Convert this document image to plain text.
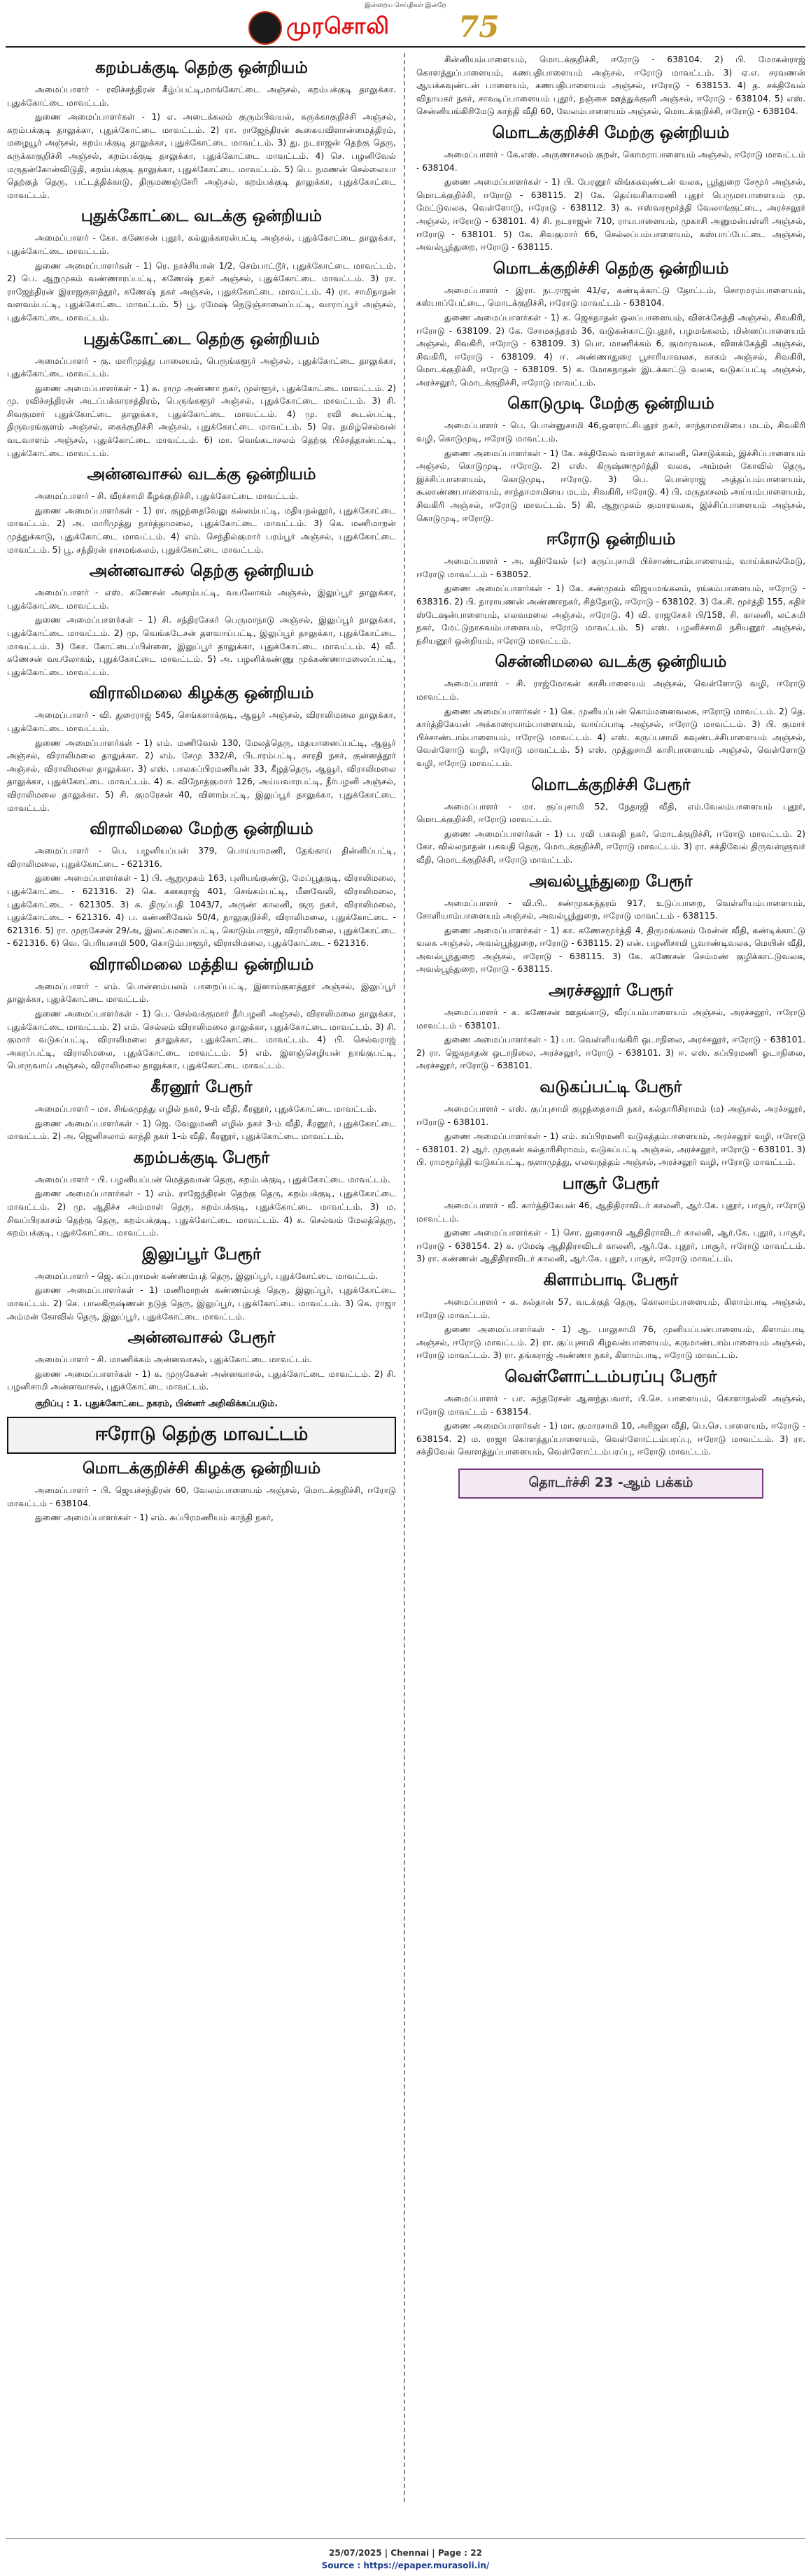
இன்றைய செய்திகள் இன்றே
முரசொலி 75
கறம்பக்குடி தெற்கு ஒன்றியம்

அமைப்பாளர் - ரவிச்சந்திரன் கீழ்ப்பட்டி,மாங்கோட்டை அஞ்சல், கறம்பக்குடி தாலுக்கா. புதுக்கோட்டை மாவட்டம்.

துணை அமைப்பாளர்கள் - 1) எ. அடைக்கலம் குரும்பிவயல், கருக்காகுறிச்சி அஞ்சல், கறம்பக்குடி தாலுக்கா, புதுக்கோட்டை மாவட்டம். 2) ரா. ராஜேந்திரன் கூகையவிளான்மைத்திரம், மழையூர் அஞ்சல், கறம்பக்குடி தாலுக்கா, புதுக்கோட்டை மாவட்டம். 3) து. நடராஜன் தெற்கு தெரு, கருக்காகுறிச்சி அஞ்சல், கறம்பக்குடி தாலுக்கா, புதுக்கோட்டை மாவட்டம். 4) செ. பழனிவேல் மருதன்கோன்விடுதி, கறம்பக்குடி தாலுக்கா, புதுக்கோட்டை மாவட்டம். 5) பெ. நமணன் செல்லையா தெற்குத் தெரு, பட்டத்திக்காடு, திருமணஞ்சேரி அஞ்சல், கறம்பக்குடி தாலுக்கா, புதுக்கோட்டை மாவட்டம்.

புதுக்கோட்டை வடக்கு ஒன்றியம்

அமைப்பாளர் - கோ. கணேசன் புதூர், கல்லுக்காரன்பட்டி அஞ்சல், புதுக்கோட்டை தாலுக்கா, புதுக்கோட்டை மாவட்டம்.

துணை அமைப்பாளர்கள் - 1) ரெ. நாச்சியான் 1/2, செம்பாட்டூர், புதுக்கோட்டை மாவட்டம். 2) பெ. ஆறுமுகம் வண்ணாரப்பட்டி, கணேஷ் நகர் அஞ்சல், புதுக்கோட்டை மாவட்டம். 3) ரா. ராஜேந்திரன் இராஜகுளத்தூர், கணேஷ் நகர் அஞ்சல், புதுக்கோட்டை மாவட்டம். 4) ரா. சாமிநாதன் வளவம்பட்டி, புதுக்கோட்டை மாவட்டம். 5) பூ. ரமேஷ் நெடுஞ்சாலைப்பட்டி, வாராப்பூர் அஞ்சல், புதுக்கோட்டை மாவட்டம்.

புதுக்கோட்டை தெற்கு ஒன்றியம்

அமைப்பாளர் - கு. மாரிமுத்து பாலையம், பெருங்களூர் அஞ்சல், புதுக்கோட்டை தாலுக்கா, புதுக்கோட்டை மாவட்டம்.

துணை அமைப்பாளர்கள் - 1) சு. ராமு அண்ணா நகர், முள்ளூர், புதுக்கோட்டை மாவட்டம். 2) மு. ரவிச்சந்திரன் அடப்பக்காரசத்திரம், பெருங்களூர் அஞ்சல், புதுக்கோட்டை மாவட்டம். 3) சி. சிவகுமார் புதுக்கோட்டை தாலுக்கா, புதுக்கோட்டை மாவட்டம். 4) மு. ரவி கூடல்பட்டி, திருவரங்குளம் அஞ்சல், கைக்குறிச்சி அஞ்சல், புதுக்கோட்டை மாவட்டம். 5) ரெ. தமிழ்செல்வன் வடவாளம் அஞ்சல், புதுக்கோட்டை மாவட்டம். 6) மா. வெங்கடாசலம் தெற்கு பிச்சத்தான்பட்டி, புதுக்கோட்டை மாவட்டம்.

அன்னவாசல் வடக்கு ஒன்றியம்

அமைப்பாளர் - சி. வீரச்சாமி கீழக்குறிச்சி, புதுக்கோட்டை மாவட்டம்.

துணை அமைப்பாளர்கள் - 1) ரா. குழந்தைவேலு கல்லம்பட்டி, மதியநல்லூர், புதுக்கோட்டை மாவட்டம். 2) அ. மாரிமுத்து நார்த்தாமலை, புதுக்கோட்டை மாவட்டம். 3) கெ. மணிமாறன் முத்துக்காடு, புதுக்கோட்டை மாவட்டம். 4) எம். செந்தில்குமார் பரம்பூர் அஞ்சல், புதுக்கோட்டை மாவட்டம். 5) பூ. சந்திரன் ராசமங்கலம், புதுக்கோட்டை மாவட்டம்.

அன்னவாசல் தெற்கு ஒன்றியம்

அமைப்பாளர் - எஸ். கணேசன் அசரம்பட்டி, வயலோகம் அஞ்சல், இலுப்பூர் தாலுக்கா, புதுக்கோட்டை மாவட்டம்.

துணை அமைப்பாளர்கள் - 1) சி. சந்திரசேகர் பெருமாநாடு அஞ்சல், இலுப்பூர் தாலுக்கா, புதுக்கோட்டை மாவட்டம். 2) மு. வெங்கடேசன் தளவாய்பட்டி, இலுப்பூர் தாலுக்கா, புதுக்கோட்டை மாவட்டம். 3) கோ. கோட்டைப்பிள்ளை, இலுப்பூர் தாலுக்கா, புதுக்கோட்டை மாவட்டம். 4) வீ. கணேசன் வயலோகம், புதுக்கோட்டை மாவட்டம். 5) அ. பழனிக்கண்ணு முக்கண்ணாமலைப்பட்டி, புதுக்கோட்டை மாவட்டம்.

விராலிமலை கிழக்கு ஒன்றியம்

அமைப்பாளர் - வி. துரைராஜ் 545, செங்களாக்குடி, ஆவூர் அஞ்சல், விராலிமலை தாலுக்கா, புதுக்கோட்டை மாவட்டம்.

துணை அமைப்பாளர்கள் - 1) எம். மணிவேல் 130, மேலத்தெரு, மதயானைப்பட்டி, ஆவூர் அஞ்சல், விராலிமலை தாலுக்கா. 2) எம். சேமு 332/சி, பிடாரம்பட்டி, சாரதி நகர், குன்னத்தூர் அஞ்சல், விராலிமலை தாலுக்கா. 3) எஸ். பாலசுப்பிரமணியன் 33, கீழத்தெரு, ஆவூர், விராலிமலை தாலுக்கா, புதுக்கோட்டை மாவட்டம். 4) சு. விநோத்குமார் 126, அய்யவாரபட்டி, நீர்பழனி அஞ்சல், விராலிமலை தாலுக்கா. 5) சி. குமரேசன் 40, விளாம்பட்டி, இலுப்பூர் தாலுக்கா, புதுக்கோட்டை மாவட்டம்.

விராலிமலை மேற்கு ஒன்றியம்

அமைப்பாளர் - பெ. பழனியப்பன் 379, பொய்யாமணி, தேங்காய் தின்னிப்பட்டி, விராலிமலை, புதுக்கோட்டை - 621316.

துணை அமைப்பாளர்கள் - 1) பி. ஆறுமுகம் 163, புளியங்குண்டு, மேப்பூதகுடி, விராலிமலை, புதுக்கோட்டை - 621316. 2) கெ. கனகராஜ் 401, செங்கம்பட்டி, மீனவேலி, விராலிமலை, புதுக்கோட்டை - 621305. 3) சு. திருப்பதி 1043/7, அருண் காலனி, குரு நகர், விராலிமலை, புதுக்கோட்டை - 621316. 4) ப. கண்ணிவேல் 50/4, நாலுகுறிச்சி, விராலிமலை, புதுக்கோட்டை - 621316. 5) ரா. முருகேசன் 29/அ, இலட்சுமணப்பட்டி, கொடும்பாளூர், விராலிமலை, புதுக்கோட்டை - 621316. 6) வெ. பெரியசாமி 500, கொடும்பாளூர், விராலிமலை, புதுக்கோட்டை - 621316.

விராலிமலை மத்திய ஒன்றியம்

அமைப்பாளர் - எம். பொன்னம்பலம் பாறைப்பட்டி, இனாம்குளத்தூர் அஞ்சல், இலுப்பூர் தாலுக்கா, புதுக்கோட்டை மாவட்டம்.

துணை அமைப்பாளர்கள் - 1) பெ. செல்வக்குமார் நீர்பழனி அஞ்சல், விராலிமலை தாலுக்கா, புதுக்கோட்டை மாவட்டம். 2) எம். செல்லம் விராலிமலை தாலுக்கா, புதுக்கோட்டை மாவட்டம். 3) சி. குமார் வடுகப்பட்டி, விராலிமலை தாலுக்கா, புதுக்கோட்டை மாவட்டம். 4) பி. செல்வராஜ் அகரப்பட்டி, விராலிமலை, புதுக்கோட்டை மாவட்டம். 5) எம். இளஞ்செழியன் நாங்குபட்டி, பொருவாய் அஞ்சல், விராலிமலை தாலுக்கா, புதுக்கோட்டை மாவட்டம்.

கீரனூர் பேரூர்

அமைப்பாளர் - மா. சிங்கமுத்து எழில் நகர், 9-ம் வீதி, கீரனூர், புதுக்கோட்டை மாவட்டம்.

துணை அமைப்பாளர்கள் - 1) ஜெ. வேலுமணி எழில் நகர் 3-ம் வீதி, கீரனூர், புதுக்கோட்டை மாவட்டம். 2) அ. ஜெனிசலாம் காந்தி நகர் 1-ம் வீதி, கீரனூர், புதுக்கோட்டை மாவட்டம்.

கறம்பக்குடி பேரூர்

அமைப்பாளர் - பி. பழனியப்பன் மெத்தவான் தெரு, கறம்பக்குடி, புதுக்கோட்டை மாவட்டம்.

துணை அமைப்பாளர்கள் - 1) எம். ராஜேந்திரன் தெற்கு தெரு, கறம்பக்குடி, புதுக்கோட்டை மாவட்டம். 2) மு. ஆதிச்ச அம்மாள் தெரு, கறம்பக்குடி, புதுக்கோட்டை மாவட்டம். 3) ம. சிவப்பிரகாசம் தெற்கு தெரு, கறம்பக்குடி, புதுக்கோட்டை மாவட்டம். 4) சு. செல்வம் மேலத்தெரு, கறம்பக்குடி, புதுக்கோட்டை மாவட்டம்.

இலுப்பூர் பேரூர்

அமைப்பாளர் - ஜெ. சுப்புராமன் கண்ணம்பத் தெரு, இலுப்பூர், புதுக்கோட்டை மாவட்டம்.

துணை அமைப்பாளர்கள் - 1) மணிமாறன் கண்ணம்பத் தெரு, இலுப்பூர், புதுக்கோட்டை மாவட்டம். 2) செ. பாலகிருஷ்ணன் நடுத் தெரு, இலுப்பூர், புதுக்கோட்டை மாவட்டம். 3) கெ. ராஜா அம்மன் கோவில் தெரு, இலுப்பூர், புதுக்கோட்டை மாவட்டம்.

அன்னவாசல் பேரூர்

அமைப்பாளர் - சி. மாணிக்கம் அன்னவாசல், புதுக்கோட்டை மாவட்டம்.

துணை அமைப்பாளர்கள் - 1) க. முருகேசன் அன்னவாசல், புதுக்கோட்டை மாவட்டம். 2) சி. பழனிசாமி அன்னவாசல், புதுக்கோட்டை மாவட்டம்.

குறிப்பு : 1. புதுக்கோட்டை நகரம், பின்னர் அறிவிக்கப்படும்.
ஈரோடு தெற்கு மாவட்டம்
மொடக்குறிச்சி கிழக்கு ஒன்றியம்

அமைப்பாளர் - பி. ஜெயச்சந்திரன் 60, வேலம்பாளையம் அஞ்சல், மொடக்குறிச்சி, ஈரோடு மாவட்டம் - 638104.

துணை அமைப்பாளர்கள் - 1) எம். சுப்பிரமணியம் காந்தி நகர்,

சின்னியம்பாளையம், மொடக்குறிச்சி, ஈரோடு - 638104. 2) பி. மோகன்ராஜ் கொளத்துப்பாளையம், கணபதிபாளையம் அஞ்சல், ஈரோடு மாவட்டம். 3) ஏ.எ. சரவணன் ஆயக்கவுண்டன் பாளையம், கணபதிபாளையம் அஞ்சல், ஈரோடு - 638153. 4) த. சக்திவேல் விநாயகர் நகர், சாவடிப்பாளையம் புதூர், நஞ்சை ஊத்துக்குளி அஞ்சல், ஈரோடு - 638104. 5) எஸ். சென்னியங்கிரிமேடு காந்தி வீதி 60, வேலம்பாளையம் அஞ்சல், மொடக்குறிச்சி, ஈரோடு - 638104.

மொடக்குறிச்சி மேற்கு ஒன்றியம்

அமைப்பாளர் - கே.எஸ். அருணாசலம் குறள், கொமராபாளையம் அஞ்சல், ஈரோடு மாவட்டம் - 638104.

துணை அமைப்பாளர்கள் - 1) பி. பேரனூர் லிங்கசுவுண்டன் வலசு, பூந்துறை சேமூர் அஞ்சல், மொடக்குறிச்சி, ஈரோடு - 638115. 2) கே. தெய்வசிகாமணி புதூர் பெருமாபாளையம் மு. மேட்டுவலசு, வெள்ளோடு, ஈரோடு - 638112. 3) க. ஈஸ்வரமூர்த்தி வேலாங்குட்டை, அரச்சலூர் அஞ்சல், ஈரோடு - 638101. 4) சி. நடராஜன் 710, ராயபாளையம், முகாசி அனுமன்பள்ளி அஞ்சல், ஈரோடு - 638101. 5) கே. சிவகுமார் 66, செல்லப்பம்பாளையம், கஸ்பாப்பேட்டை அஞ்சல், அவல்பூந்துறை, ஈரோடு - 638115.

மொடக்குறிச்சி தெற்கு ஒன்றியம்

அமைப்பாளர் - இரா. நடராஜன் 41/ஏ, கண்டிக்காட்டு தோட்டம், சொரமரம்பாளையம், கஸ்பாப்பேட்டை, மொடக்குறிச்சி, ஈரோடு மாவட்டம் - 638104.

துணை அமைப்பாளர்கள் - 1) க. ஜெகநாதன் ஒலப்பாளையம், விளக்கேத்தி அஞ்சல், சிவகிரி, ஈரோடு - 638109. 2) கே. சோமசுந்தரம் 36, வடுகன்காட்டுபுதூர், பழமங்கலம், மின்னப்பாளையம் அஞ்சல், சிவகிரி, ஈரோடு - 638109. 3) பொ. மாணிக்கம் 6, குமாரவலசு, விளக்கேத்தி அஞ்சல், சிவகிரி, ஈரோடு - 638109. 4) ஈ. அண்ணாதுரை பூசாரியாவலசு, காகம் அஞ்சல், சிவகிரி, மொடக்குறிச்சி, ஈரோடு - 638109. 5) க. மோகநாதன் இடக்காட்டு வலசு, வடுகப்பட்டி அஞ்சல், அரச்சலூர், மொடக்குறிச்சி, ஈரோடு மாவட்டம்.

கொடுமுடி மேற்கு ஒன்றியம்

அமைப்பாளர் - பெ. பொன்னுசாமி 46,ஒளராட்சிபுதூர் நகர், சாந்தாமாமியை மடம், சிவகிரி வழி, கொடுமுடி, ஈரோடு மாவட்டம்.

துணை அமைப்பாளர்கள் - 1) கே. சக்திவேல் வளர்நகர் காலனி, சொடுக்கம், இச்சிப்பாளையம் அஞ்சல், கொடுமுடி, ஈரோடு. 2) எஸ். கிருஷ்ணமூர்த்தி வலசு, அம்மன் கோவில் தெரு, இச்சிப்பாளையம், கொடுமுடி, ஈரோடு. 3) பெ. பொன்ராஜ் அத்தப்பம்பாளையம், கூலாண்ணபாளையம், சாந்தாமாமியை மடம், சிவகிரி, ஈரோடு. 4) பி. மருதாசலம் அய்யம்பாளையம், சிவகிரி அஞ்சல், ஈரோடு மாவட்டம். 5) கி. ஆறுமுகம் குமாரவலசு, இச்சிப்பாளையம் அஞ்சல், கொடுமுடி, ஈரோடு.

ஈரோடு ஒன்றியம்

அமைப்பாளர் - அ. கதிர்வேல் (எ) கருப்புசாமி பிச்சாண்டாம்பாளையம், வாய்க்கால்மேடு, ஈரோடு மாவட்டம் - 638052.

துணை அமைப்பாளர்கள் - 1) கே. சண்முகம் விஜயமங்கலம், ரங்கம்பாளையம், ஈரோடு - 638316. 2) பி. நாராயணன் அண்ணாநகர், சித்தோடு, ஈரோடு - 638102. 3) கே.சி. மூர்த்தி 155, கதிர் ஸ்டேஷன்பாளையம், எலவமலை அஞ்சல், ஈரோடு. 4) வி. ராஜசேகர் பி/158, சி. காலனி, லட்சுமி நகர், மேட்டுநாசுவம்பாளையம், ஈரோடு மாவட்டம். 5) எஸ். பழனிச்சாமி நசியனூர் அஞ்சல், நசியனூர் ஒன்றியம், ஈரோடு மாவட்டம்.

சென்னிமலை வடக்கு ஒன்றியம்

அமைப்பாளர் - சி. ராஜ்மோகன் காசிபாளையம் அஞ்சல், வெள்ளோடு வழி, ஈரோடு மாவட்டம்.

துணை அமைப்பாளர்கள் - 1) கெ. முனியப்பன் கொம்மனைவலசு, ஈரோடு மாவட்டம். 2) தெ. கார்த்திகேயன் அக்காரையாம்பாளையம், வாய்ப்பாடி அஞ்சல், ஈரோடு மாவட்டம். 3) பி. குமார் பிச்சாண்டாம்பாளையம், ஈரோடு மாவட்டம். 4) எஸ். கருப்பசாமி கவுண்டச்சிபாளையம் அஞ்சல், வெள்ளோடு வழி, ஈரோடு மாவட்டம். 5) எஸ். முத்துசாமி காசிபாளையம் அஞ்சல், வெள்ளோடு வழி, ஈரோடு மாவட்டம்.

மொடக்குறிச்சி பேரூர்

அமைப்பாளர் - மா. குப்புசாமி 52, நேதாஜி வீதி, எம்.வேலம்பாளையம் புதூர், மொடக்குறிச்சி, ஈரோடு மாவட்டம்.

துணை அமைப்பாளர்கள் - 1) ப. ரவி பகவதி நகர், மொடக்குறிச்சி, ஈரோடு மாவட்டம். 2) கோ. வில்லநாதன் பகவதி தெரு, மொடக்குறிச்சி, ஈரோடு மாவட்டம். 3) ரா. சக்திவேல் திருவள்ளுவர் வீதி, மொடக்குறிச்சி, ஈரோடு மாவட்டம்.

அவல்பூந்துறை பேரூர்

அமைப்பாளர் - வி.பி.. சண்முகசுந்தரம் 917, உடுப்பாறை, வெள்ளியம்பாளையம், சோளியாம்பாளையம் அஞ்சல், அவல்பூந்துறை, ஈரோடு மாவட்டம் - 638115.

துணை அமைப்பாளர்கள் - 1) கா. கணேசமூர்த்தி 4, திருமங்கலம் மேன்ன் வீதி, கண்டிக்காட்டு வலசு அஞ்சல், அவல்பூந்துறை, ஈரோடு - 638115. 2) என். பழனிசாமி பூவாண்டிவலசு, மெயின் வீதி, அவல்பூந்துறை அஞ்சல், ஈரோடு - 638115. 3) கே. கணேசன் செம்மண் குழிக்காட்டுவலசு, அவல்பூந்துறை, ஈரோடு - 638115.

அரச்சலூர் பேரூர்

அமைப்பாளர் - க. கணேசன் ஊதங்காடு, வீரப்பம்பாளையம் அஞ்சல், அரச்சலூர், ஈரோடு மாவட்டம் - 638101.

துணை அமைப்பாளர்கள் - 1) பா. வெள்ளியங்கிரி ஒடாநிலை, அரச்சலூர், ஈரோடு - 638101. 2) ரா. ஜெகநாதன் ஒடாநிலை, அரச்சலூர், ஈரோடு - 638101. 3) ஈ. எஸ். சுப்பிரமணி ஓடாநிலை, அரச்சலூர், ஈரோடு - 638101.

வடுகப்பட்டி பேரூர்

அமைப்பாளர் - எஸ். குப்புசாமி குழந்தைசாமி நகர், கல்தாரிசிராமம் (ம) அஞ்சல், அரச்சலூர், ஈரோடு - 638101.

துணை அமைப்பாளர்கள் - 1) எம். சுப்பிரமணி வடுகத்தம்பாளையம், அரச்சலூர் வழி, ஈரோடு - 638101. 2) ஆர். முருகன் கல்தாரிசிராமம், வடுகப்பட்டி அஞ்சல், அரச்சலூர், ஈரோடு - 638101. 3) பி. ராமமூர்த்தி வடுகப்பட்டி, குளாமுத்து, எலவநத்தம் அஞ்சல், அரச்சலூர் வழி, ஈரோடு மாவட்டம்.

பாசூர் பேரூர்

அமைப்பாளர் - வீ. கார்த்திகேயன் 46, ஆதிதிராவிடர் காலனி, ஆர்.கே. புதூர், பாசூர், ஈரோடு மாவட்டம்.

துணை அமைப்பாளர்கள் - 1) சொ. துரைசாமி ஆதிதிராவிடர் காலனி, ஆர்.கே. புதூர், பாசூர், ஈரோடு - 638154. 2) க. ரமேஷ் ஆதிதிராவிடர் காலனி, ஆர்.கே. புதூர், பாசூர், ஈரோடு மாவட்டம். 3) ரா. கண்ணன் ஆதிதிராவிடர் காலனி, ஆர்.கே. புதூர், பாசூர், ஈரோடு மாவட்டம்.

கிளாம்பாடி பேரூர்

அமைப்பாளர் - க. சுல்தான் 57, வடக்குத் தெரு, கொலாம்பாளையம், கிளாம்பாடி அஞ்சல், ஈரோடு மாவட்டம்.

துணை அமைப்பாளர்கள் - 1) ஆ. பாலுசாமி 76, முனியப்பன்பாளையம், கிளாம்பாடி அஞ்சல், ஈரோடு மாவட்டம். 2) ரா. குப்புசாமி கிழவன்பாளையம், கருமாண்டாம்பாளையம் அஞ்சல், ஈரோடு மாவட்டம். 3) ரா. தங்கராஜ் அண்ணா நகர், கிளாம்பாடி, ஈரோடு மாவட்டம்.

வெள்ளோட்டம்பரப்பு பேரூர்

அமைப்பாளர் - பா. சுந்தரேசன் ஆனந்தபவார், பி.செ. பாளையம், கொளாநல்லி அஞ்சல், ஈரோடு மாவட்டம் - 638154.

துணை அமைப்பாளர்கள் - 1) மா. குமாரசாமி 10, அரிஜன வீதி, பெ.செ. பாளையம், ஈரோடு - 638154. 2) ம. ராஜா கொளத்துப்பாளையம், வெள்ளோட்டம்பரப்பு, ஈரோடு மாவட்டம். 3) ரா. சக்திவேல் கொளத்துப்பாளையம், வெள்ளோட்டம்பரப்பு, ஈரோடு மாவட்டம்.

தொடர்ச்சி 23 -ஆம் பக்கம்
25/07/2025 | Chennai | Page : 22
Source : https://epaper.murasoli.in/
